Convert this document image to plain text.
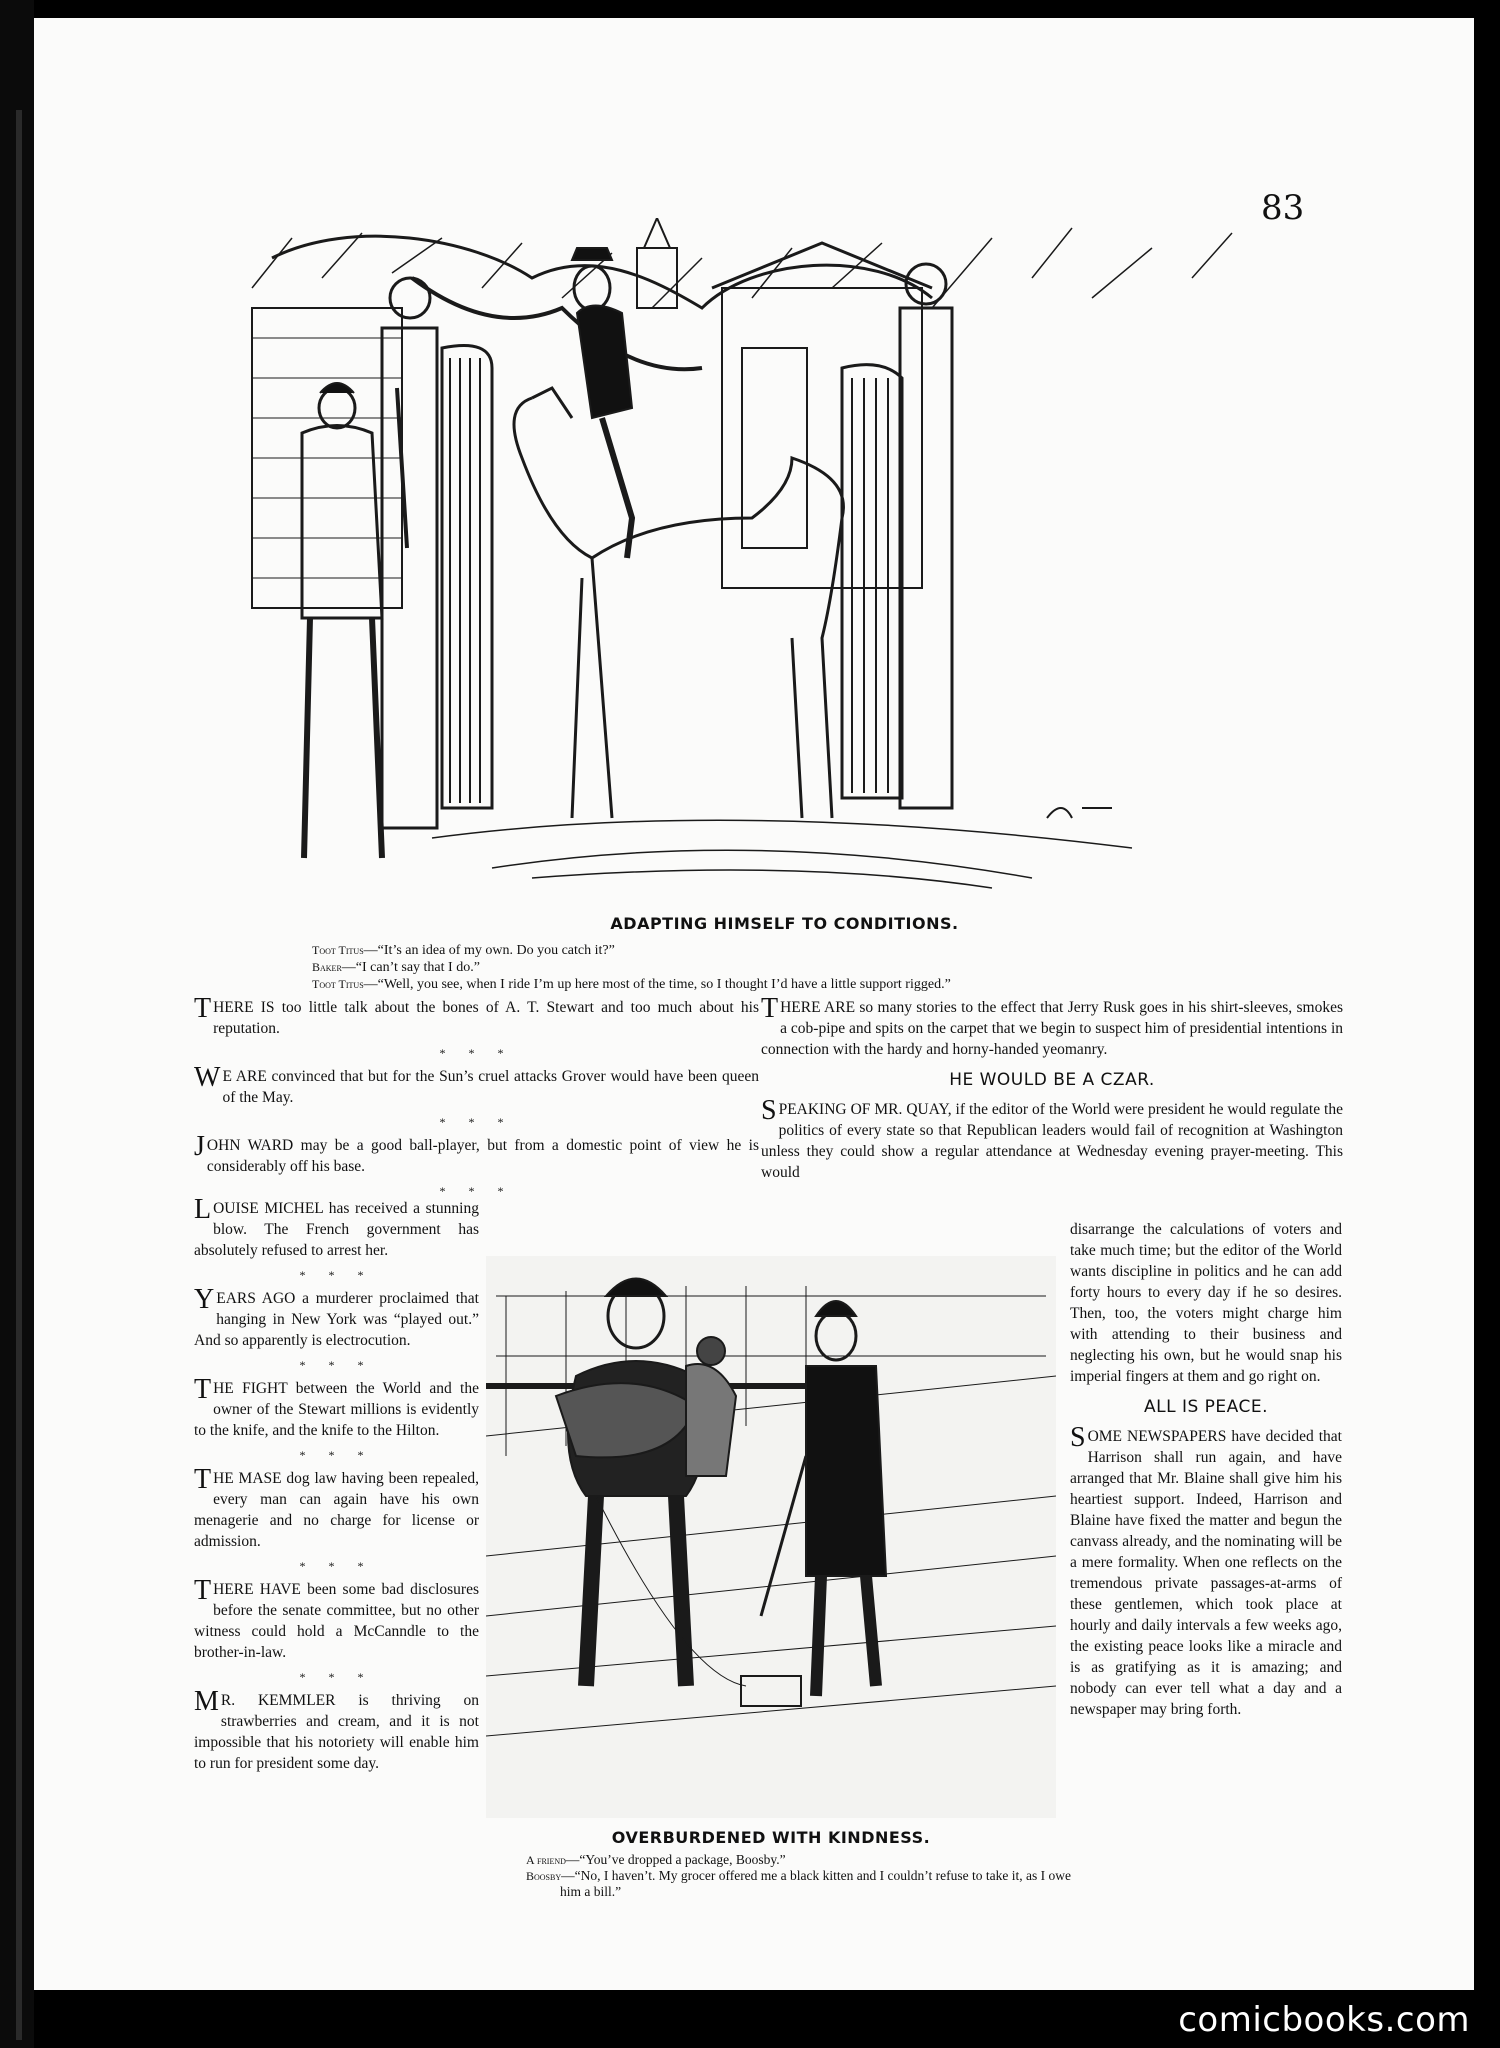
83
ADAPTING HIMSELF TO CONDITIONS.
Toot Titus—“It’s an idea of my own. Do you catch it?”
Baker—“I can’t say that I do.”
Toot Titus—“Well, you see, when I ride I’m up here most of the time, so I thought I’d have a little support rigged.”
THERE IS too little talk about the bones of A. T. Stewart and too much about his reputation.
* * *
W E ARE convinced that but for the Sun’s cruel attacks Grover would have been queen of the May.
* * *
JOHN WARD may be a good ball-player, but from a domestic point of view he is considerably off his base.
* * *
LOUISE MICHEL has received a stunning blow. The French government has absolutely refused to arrest her.
* * *
YEARS AGO a murderer proclaimed that hanging in New York was “played out.” And so apparently is electrocution.
* * *
THE FIGHT between the World and the owner of the Stewart millions is evidently to the knife, and the knife to the Hilton.
* * *
THE MASE dog law having been repealed, every man can again have his own menagerie and no charge for license or admission.
* * *
THERE HAVE been some bad disclosures before the senate committee, but no other witness could hold a McCanndle to the brother-in-law.
* * *
M R. KEMMLER is thriving on strawberries and cream, and it is not impossible that his notoriety will enable him to run for president some day.
THERE ARE so many stories to the effect that Jerry Rusk goes in his shirt-sleeves, smokes a cob-pipe and spits on the carpet that we begin to suspect him of presidential intentions in connection with the hardy and horny-handed yeomanry.
HE WOULD BE A CZAR.
SPEAKING OF MR. QUAY, if the editor of the World were president he would regulate the politics of every state so that Republican leaders would fail of recognition at Washington unless they could show a regular attendance at Wednesday evening prayer-meeting. This would
disarrange the calculations of voters and take much time; but the editor of the World wants discipline in politics and he can add forty hours to every day if he so desires. Then, too, the voters might charge him with attending to their business and neglecting his own, but he would snap his imperial fingers at them and go right on.
ALL IS PEACE.
SOME NEWSPAPERS have decided that Harrison shall run again, and have arranged that Mr. Blaine shall give him his heartiest support. Indeed, Harrison and Blaine have fixed the matter and begun the canvass already, and the nominating will be a mere formality. When one reflects on the tremendous private passages-at-arms of these gentlemen, which took place at hourly and daily intervals a few weeks ago, the existing peace looks like a miracle and is as gratifying as it is amazing; and nobody can ever tell what a day and a newspaper may bring forth.
OVERBURDENED WITH KINDNESS.
A friend—“You’ve dropped a package, Boosby.”
Boosby—“No, I haven’t. My grocer offered me a black kitten and I couldn’t refuse to take it, as I owe him a bill.”
comicbooks.com
